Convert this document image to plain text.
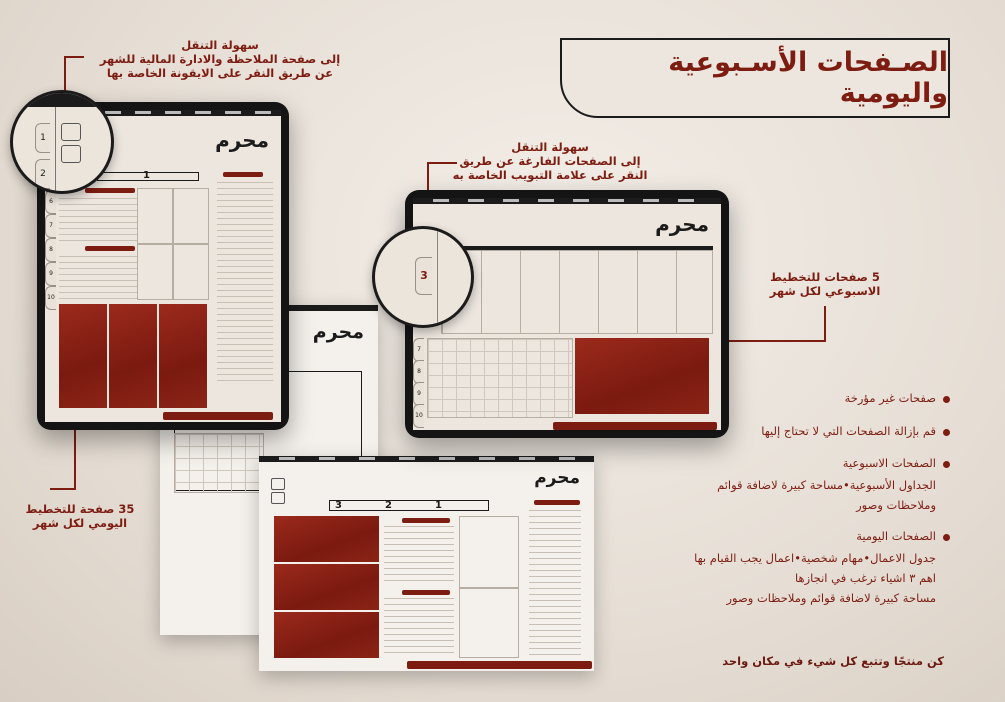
الصـفحات الأسـبوعية واليومية
سهولة التنقل
إلى صفحة الملاحظة والادارة المالية للشهر
عن طريق النقر على الايقونة الخاصة بها
سهولة التنقل
إلى الصفحات الفارغة عن طريق
النقر على علامة التبويب الخاصة به
5 صفحات للتخطيط
الاسبوعي لكل شهر
35 صفحة للتخطيط
اليومي لكل شهر
صفحات غير مؤرخة
قم بإزالة الصفحات التي لا تحتاج إليها
الصفحات الاسبوعية
الجداول الأسبوعية•مساحة كبيرة لاضافة قوائم
وملاحظات وصور
الصفحات اليومية
جدول الاعمال•مهام شخصية•اعمال يجب القيام بها
اهم ٣ اشياء ترغب في انجازها
مساحة كبيرة لاضافة قوائم وملاحظات وصور
كن منتجًا وتتبع كل شيء في مكان واحد
محرم
محرم
3	2	1
محرم
1
6
7
8
9
10
1
2
محرم
7
8
9
10
3
